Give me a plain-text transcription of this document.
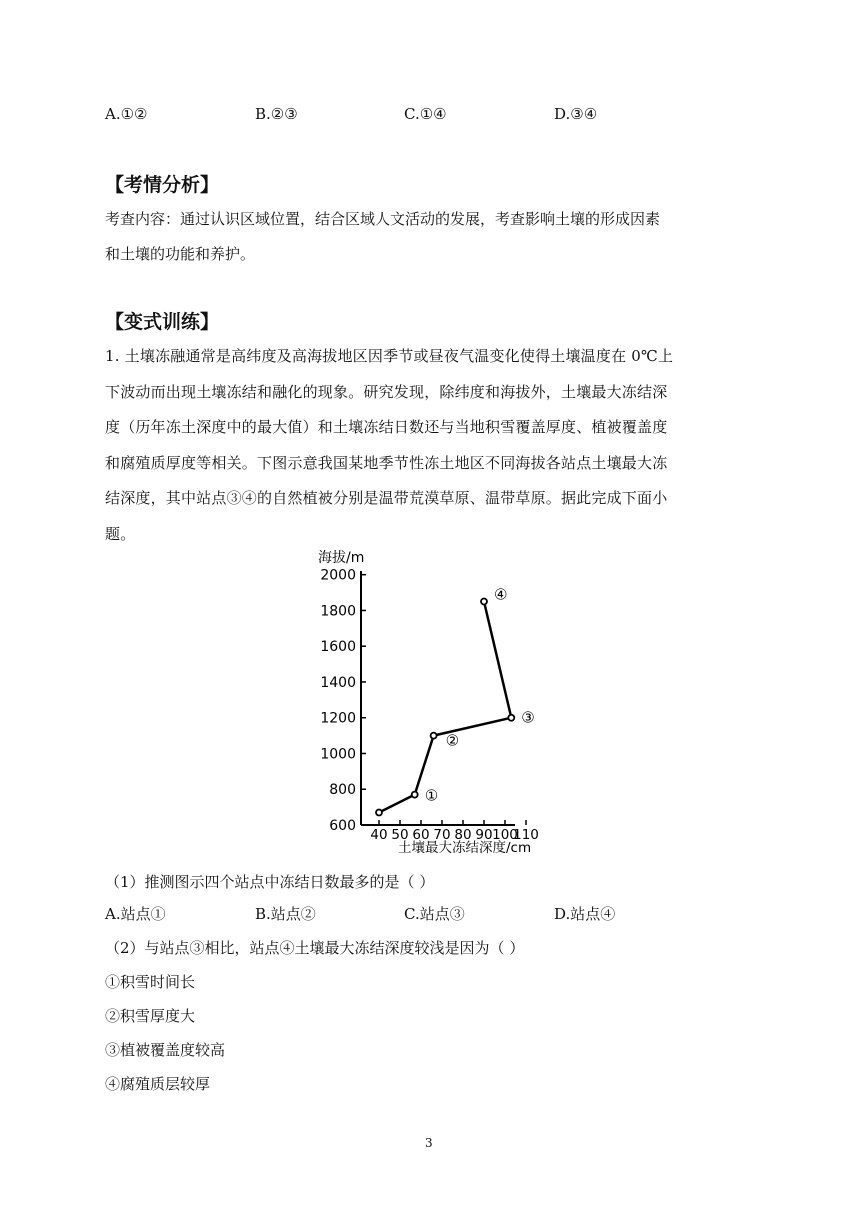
A.①②	B.②③	C.①④	D.③④
【考情分析】
考查内容：通过认识区域位置，结合区域人文活动的发展，考查影响土壤的形成因素
和土壤的功能和养护。
【变式训练】
1. 土壤冻融通常是高纬度及高海拔地区因季节或昼夜气温变化使得土壤温度在 0℃上
下波动而出现土壤冻结和融化的现象。研究发现，除纬度和海拔外，土壤最大冻结深
度（历年冻土深度中的最大值）和土壤冻结日数还与当地积雪覆盖厚度、植被覆盖度
和腐殖质厚度等相关。下图示意我国某地季节性冻土地区不同海拔各站点土壤最大冻
结深度，其中站点③④的自然植被分别是温带荒漠草原、温带草原。据此完成下面小
题。
海拔/m
600
800
1000
1200
1400
1600
1800
2000
40 50 60 70 80 90 100
110
①
②
③
④
土壤最大冻结深度/cm
（1）推测图示四个站点中冻结日数最多的是（ ）
A.站点①	B.站点②	C.站点③	D.站点④
（2）与站点③相比，站点④土壤最大冻结深度较浅是因为（ ）
①积雪时间长
②积雪厚度大
③植被覆盖度较高
④腐殖质层较厚
3
